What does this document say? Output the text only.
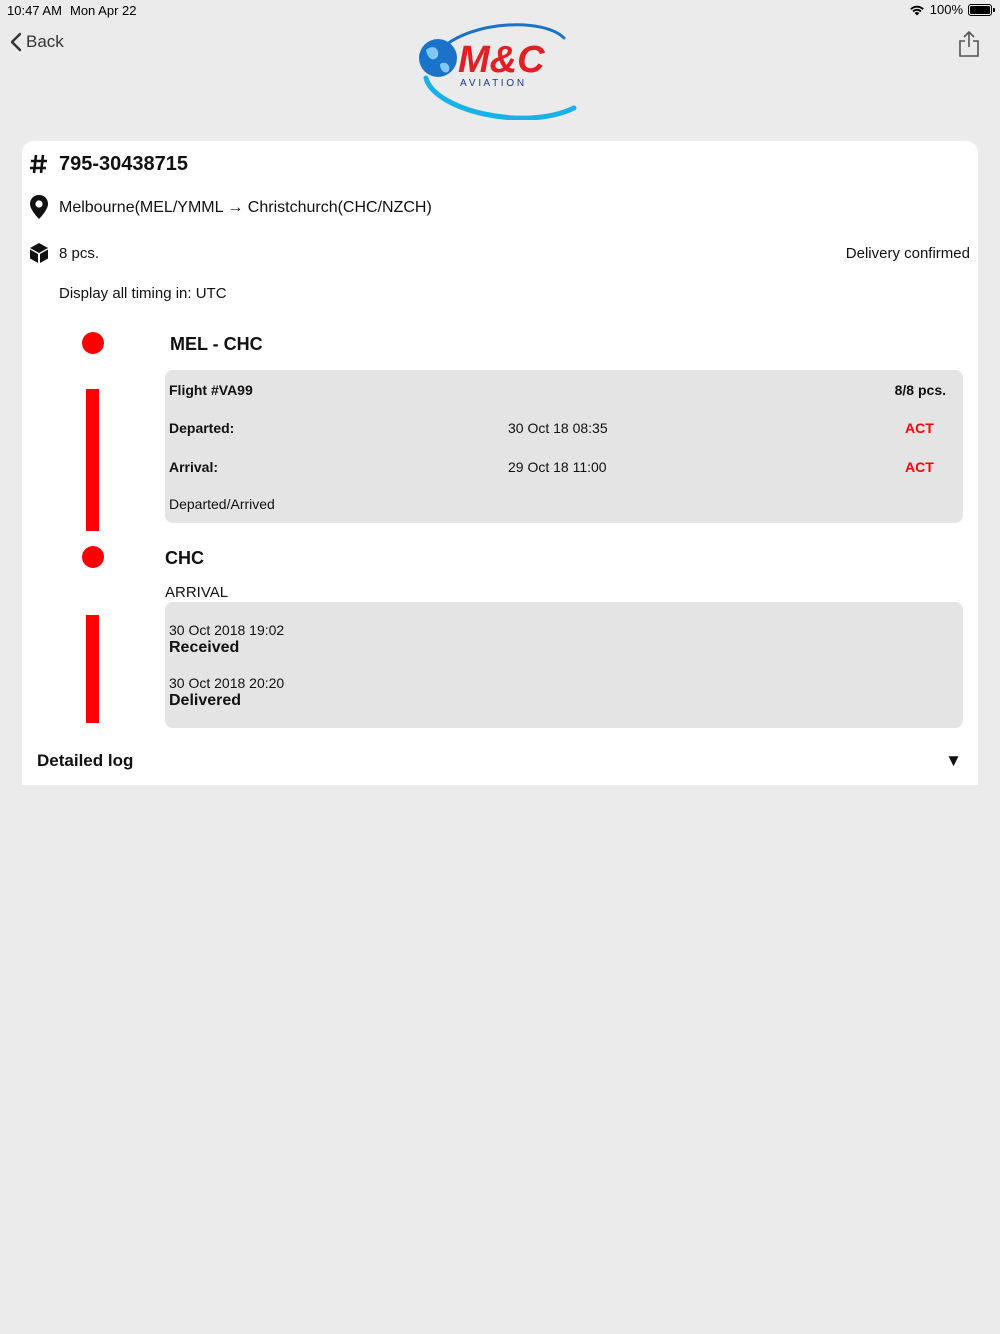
10:47 AM Mon Apr 22	100%
Back	M&C
A V I A T I O N
795-30438715
Melbourne(MEL/YMML → Christchurch(CHC/NZCH)
8 pcs.	Delivery confirmed
Display all timing in: UTC
MEL - CHC
Flight #VA99	8/8 pcs.
Departed:	30 Oct 18 08:35	ACT
Arrival:	29 Oct 18 11:00	ACT
Departed/Arrived
CHC
ARRIVAL
30 Oct 2018 19:02
Received
30 Oct 2018 20:20
Delivered
Detailed log	▼
